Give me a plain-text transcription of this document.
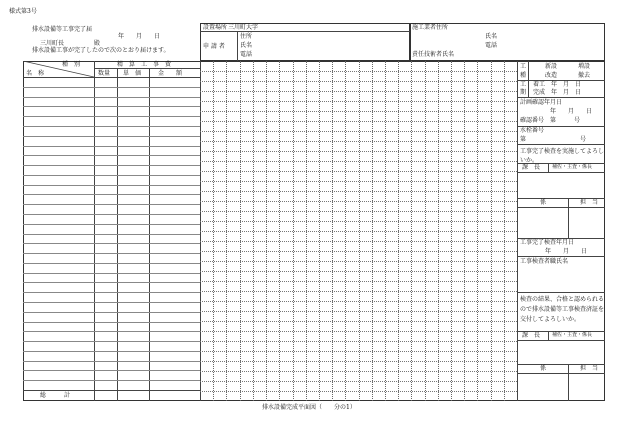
様式第3号
排水設備等工事完了届
年　　月　　日
三川町長　　　　　殿
排水設備工事が完了したので次のとおり届けます。
設置場所 三川町大字
申 請 者
住所
氏名
電話
施工業者住所
氏名
電話
責任技術者氏名
種　別	精　算　工　事　費
名　称	数量 単　価	金　　額
総　　　計
排水設備完成平面図（　　分の1）
工
種
新設	増設
改造	撤去
工
期
着工　年　月　日
完成　年　月　日
計画確認年月日
年　　月　　日
確認番号　第　　　号
水栓番号
第　　　　　　　　　号
工事完了検査を実施してよろしいか。
課　長 補佐・主査・係長
係	担　当
工事完了検査年月日
年　　月　　日
工事検査者職氏名
検査の結果、合格と認められるので排水設備等工事検査済証を交付してよろしいか。
課　長 補佐・主査・係長
係	担　当
